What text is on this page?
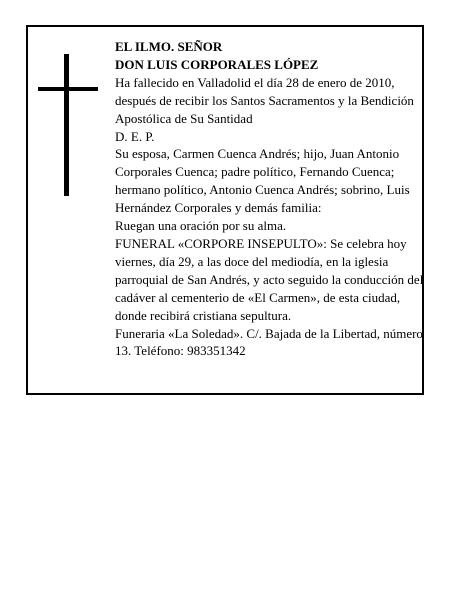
EL ILMO. SEÑOR

DON LUIS CORPORALES LÓPEZ

Ha fallecido en Valladolid el día 28 de enero de 2010, después de recibir los Santos Sacramentos y la Bendición Apostólica de Su Santidad

D. E. P.

Su esposa, Carmen Cuenca Andrés; hijo, Juan Antonio Corporales Cuenca; padre político, Fernando Cuenca; hermano político, Antonio Cuenca Andrés; sobrino, Luis Hernández Corporales y demás familia:

Ruegan una oración por su alma.

FUNERAL «CORPORE INSEPULTO»: Se celebra hoy viernes, día 29, a las doce del mediodía, en la iglesia parroquial de San Andrés, y acto seguido la conducción del cadáver al cementerio de «El Carmen», de esta ciudad, donde recibirá cristiana sepultura.

Funeraria «La Soledad». C/. Bajada de la Libertad, número 13. Teléfono: 983351342
